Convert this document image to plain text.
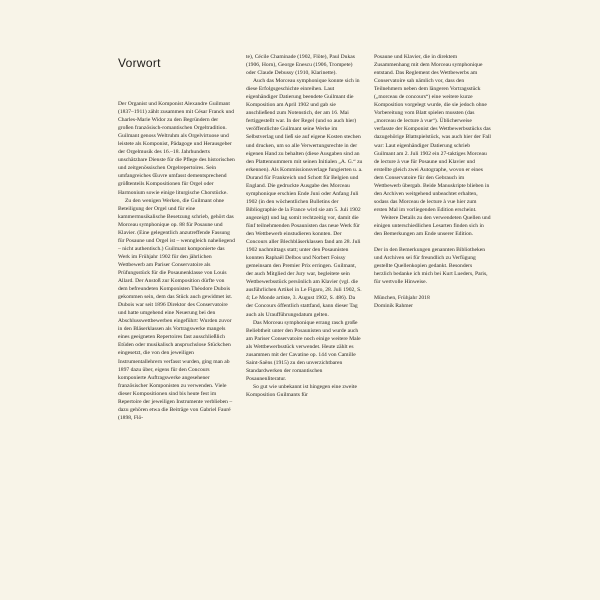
Vorwort

Der Organist und Komponist Alexandre Guilmant (1837–1911) zählt zusammen mit César Franck und Charles-Marie Widor zu den Begründern der großen französisch-romantischen Orgeltradition. Guilmant genoss Weltruhm als Orgelvirtuose und leistete als Komponist, Pädagoge und Herausgeber der Orgelmusik des 16.–18. Jahrhunderts unschätzbare Dienste für die Pflege des historischen und zeitgenössischen Orgelrepertoires. Sein umfangreiches Œuvre umfasst dementsprechend größtenteils Kompositionen für Orgel oder Harmonium sowie einige liturgische Chorstücke.

Zu den wenigen Werken, die Guilmant ohne Beteiligung der Orgel und für eine kammermusikalische Besetzung schrieb, gehört das Morceau symphonique op. 88 für Posaune und Klavier. (Eine gelegentlich anzutreffende Fassung für Posaune und Orgel ist – wenngleich naheliegend – nicht authentisch.) Guilmant komponierte das Werk im Frühjahr 1902 für den jährlichen Wettbewerb am Pariser Conservatoire als Prüfungsstück für die Posaunenklasse von Louis Allard. Der Anstoß zur Komposition dürfte von dem befreundeten Komponisten Théodore Dubois gekommen sein, dem das Stück auch gewidmet ist. Dubois war seit 1896 Direktor des Conservatoire und hatte umgehend eine Neuerung bei den Abschlusswettbewerben eingeführt: Wurden zuvor in den Bläserklassen als Vortragswerke mangels eines geeigneten Repertoires fast ausschließlich Etüden oder musikalisch anspruchslose Stückchen eingesetzt, die von den jeweiligen Instrumentallehrern verfasst wurden, ging man ab 1897 dazu über, eigens für den Concours komponierte Auftragswerke angesehener französischer Komponisten zu verwenden. Viele dieser Kompositionen sind bis heute fest im Repertoire der jeweiligen Instrumente verblieben – dazu gehören etwa die Beiträge von Gabriel Fauré (1898, Flö-

te), Cécile Chaminade (1902, Flöte), Paul Dukas (1906, Horn), George Enescu (1906, Trompete) oder Claude Debussy (1910, Klarinette).

Auch das Morceau symphonique konnte sich in diese Erfolgsgeschichte einreihen. Laut eigenhändiger Datierung beendete Guilmant die Komposition am April 1902 und gab sie anschließend zum Notenstich, der am 16. Mai fertiggestellt war. In der Regel (und so auch hier) veröffentlichte Guilmant seine Werke im Selbstverlag und ließ sie auf eigene Kosten stechen und drucken, um so alle Verwertungsrechte in der eigenen Hand zu behalten (diese Ausgaben sind an den Plattennummern mit seinen Initialen „A. G.“ zu erkennen). Als Kommissionsverlage fungierten u. a. Durand für Frankreich und Schott für Belgien und England. Die gedruckte Ausgabe des Morceau symphonique erschien Ende Juni oder Anfang Juli 1902 (in den wöchentlichen Bulletins der Bibliographie de la France wird sie am 5. Juli 1902 angezeigt) und lag somit rechtzeitig vor, damit die fünf teilnehmenden Posaunisten das neue Werk für den Wettbewerb einstudieren konnten. Der Concours aller Blechbläserklassen fand am 28. Juli 1902 nachmittags statt; unter den Posaunisten konnten Raphaël Delbos und Norbert Foissy gemeinsam den Premier Prix erringen. Guilmant, der auch Mitglied der Jury war, begleitete sein Wettbewerbsstück persönlich am Klavier (vgl. die ausführlichen Artikel in Le Figaro, 28. Juli 1902, S. 4; Le Monde artiste, 3. August 1902, S. 486). Da der Concours öffentlich stattfand, kann dieser Tag auch als Uraufführungsdatum gelten.

Das Morceau symphonique errang rasch große Beliebtheit unter den Posaunisten und wurde auch am Pariser Conservatoire noch einige weitere Male als Wettbewerbsstück verwendet. Heute zählt es zusammen mit der Cavatine op. 144 von Camille Saint-Saëns (1915) zu den unverzichtbaren Standardwerken der romantischen Posaunenliteratur.

So gut wie unbekannt ist hingegen eine zweite Komposition Guilmants für

Posaune und Klavier, die in direktem Zusammenhang mit dem Morceau symphonique entstand. Das Reglement des Wettbewerbs am Conservatoire sah nämlich vor, dass den Teilnehmern neben dem längeren Vortragsstück („morceau de concours“) eine weitere kurze Komposition vorgelegt wurde, die sie jedoch ohne Vorbereitung vom Blatt spielen mussten (das „morceau de lecture à vue“). Üblicherweise verfasste der Komponist des Wettbewerbsstücks das dazugehörige Blattspielstück, was auch hier der Fall war: Laut eigenhändiger Datierung schrieb Guilmant am 2. Juli 1902 ein 27-taktiges Morceau de lecture à vue für Posaune und Klavier und erstellte gleich zwei Autographe, wovon er eines dem Conservatoire für den Gebrauch im Wettbewerb übergab. Beide Manuskripte blieben in den Archiven weitgehend unbeachtet erhalten, sodass das Morceau de lecture à vue hier zum ersten Mal im vorliegenden Edition erscheint.

Weitere Details zu den verwendeten Quellen und einigen unterschiedlichen Lesarten finden sich in den Bemerkungen am Ende unserer Edition.

Der in den Bemerkungen genannten Bibliotheken und Archiven sei für freundlich zu Verfügung gestellte Quellenkopien gedankt. Besonders herzlich bedanke ich mich bei Kurt Lueders, Paris, für wertvolle Hinweise.

München, Frühjahr 2018

Dominik Rahmer
